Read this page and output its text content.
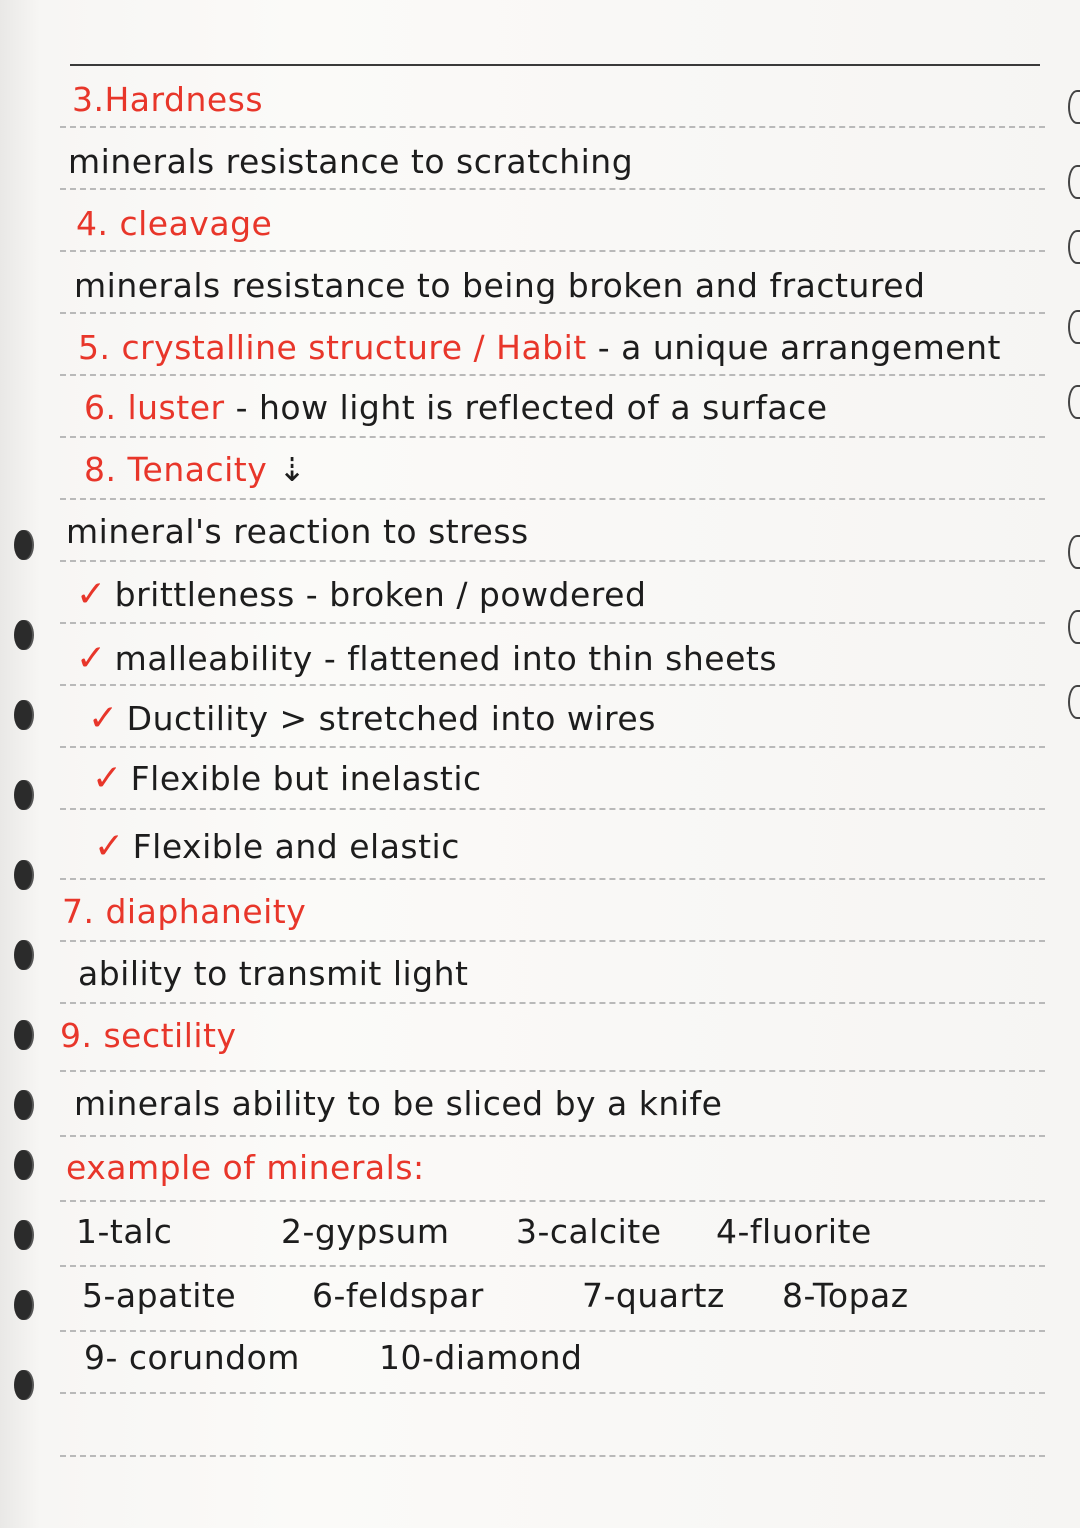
3.Hardness
minerals resistance to scratching
4. cleavage
minerals resistance to being broken and fractured
5. crystalline structure / Habit - a unique arrangement
6. luster - how light is reflected of a surface
8. Tenacity ⇣
mineral's reaction to stress
✓ brittleness - broken / powdered
✓ malleability - flattened into thin sheets
✓ Ductility > stretched into wires
✓ Flexible but inelastic
✓ Flexible and elastic
7. diaphaneity
ability to transmit light
9. sectility
minerals ability to be sliced by a knife
example of minerals:
1-talc	2-gypsum 3-calcite 4-fluorite
5-apatite 6-feldspar	7-quartz 8-Topaz
9- corundom 10-diamond
